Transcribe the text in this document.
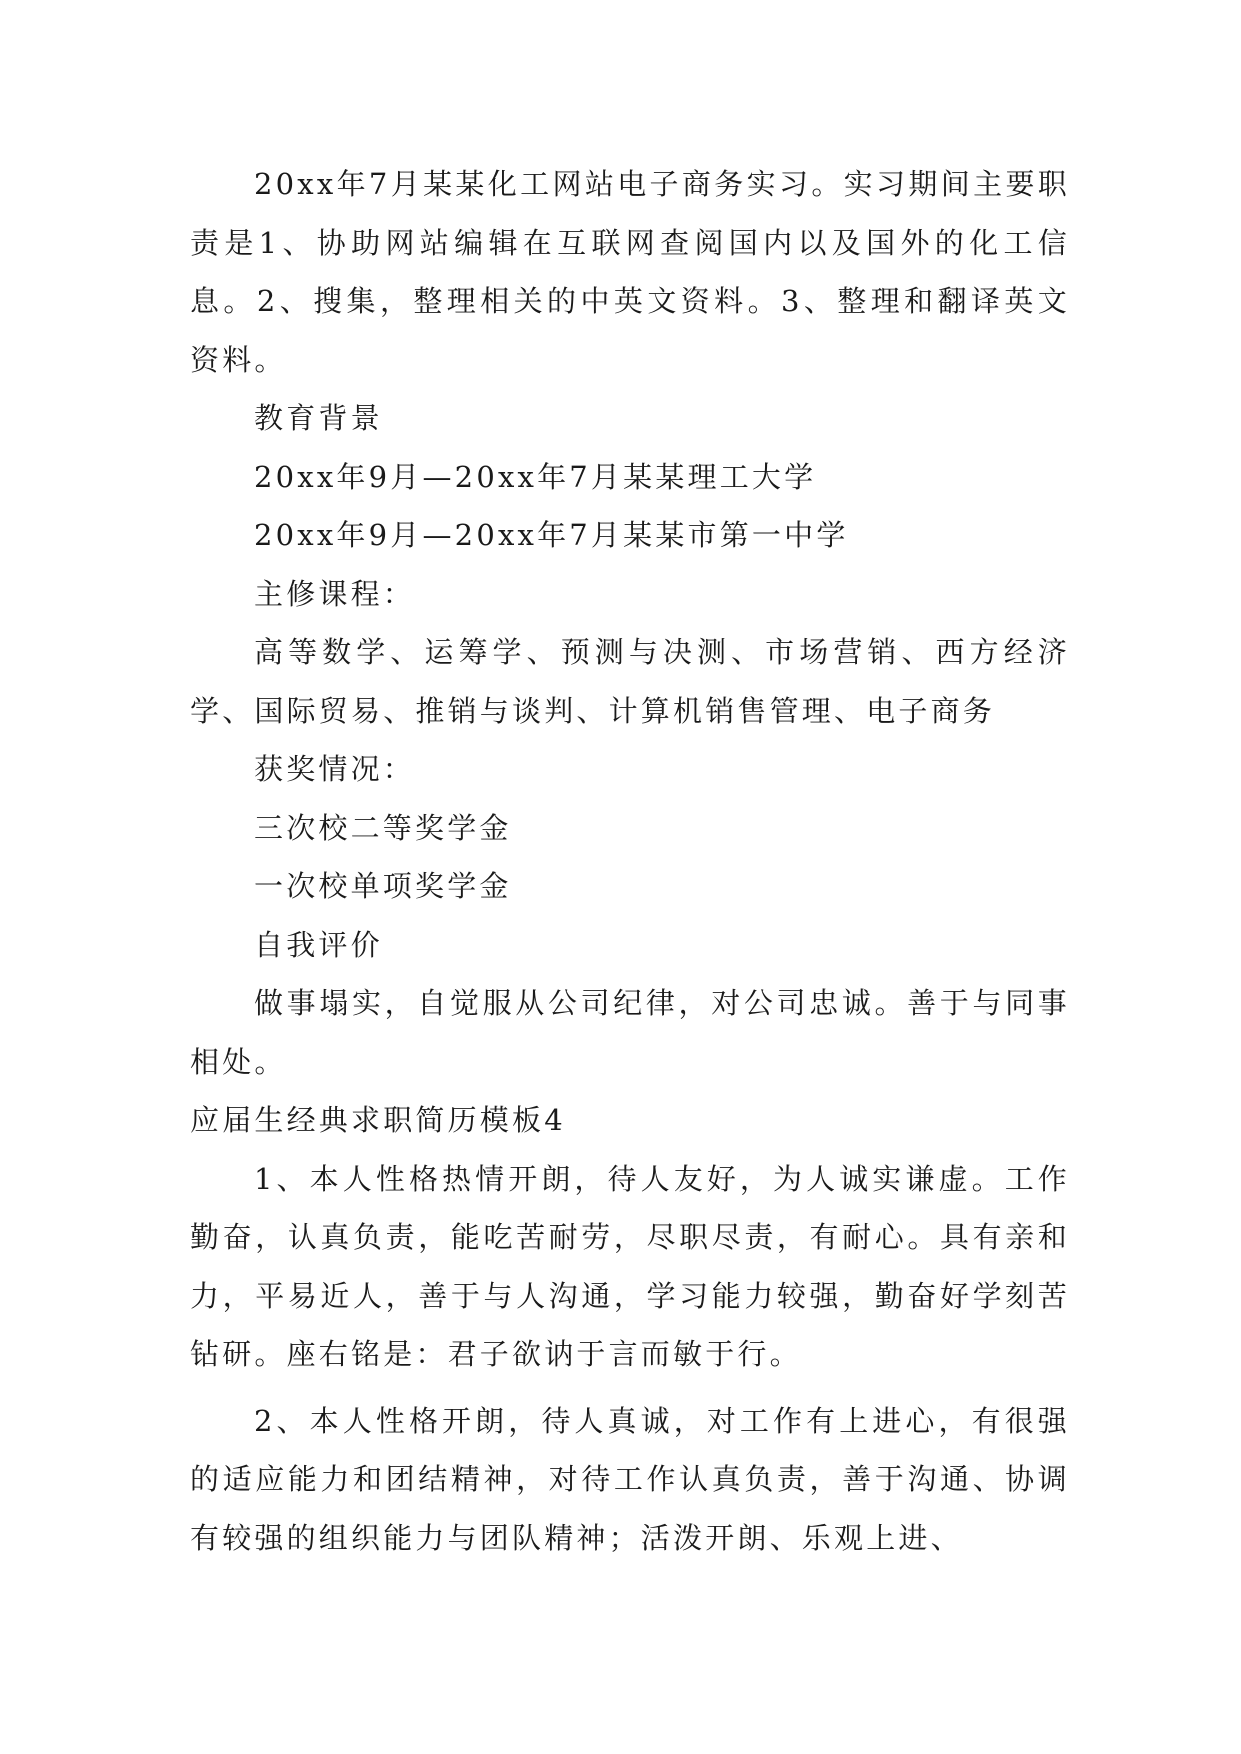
20xx年7月某某化工网站电子商务实习。实习期间主要职责是1、协助网站编辑在互联网查阅国内以及国外的化工信息。2、搜集，整理相关的中英文资料。3、整理和翻译英文资料。

教育背景

20xx年9月—20xx年7月某某理工大学

20xx年9月—20xx年7月某某市第一中学

主修课程：

高等数学、运筹学、预测与决测、市场营销、西方经济学、国际贸易、推销与谈判、计算机销售管理、电子商务

获奖情况：

三次校二等奖学金

一次校单项奖学金

自我评价

做事塌实，自觉服从公司纪律，对公司忠诚。善于与同事相处。

应届生经典求职简历模板4

1、本人性格热情开朗，待人友好，为人诚实谦虚。工作勤奋，认真负责，能吃苦耐劳，尽职尽责，有耐心。具有亲和力，平易近人，善于与人沟通，学习能力较强，勤奋好学刻苦钻研。座右铭是：君子欲讷于言而敏于行。

2、本人性格开朗，待人真诚，对工作有上进心，有很强的适应能力和团结精神，对待工作认真负责，善于沟通、协调有较强的组织能力与团队精神；活泼开朗、乐观上进、
